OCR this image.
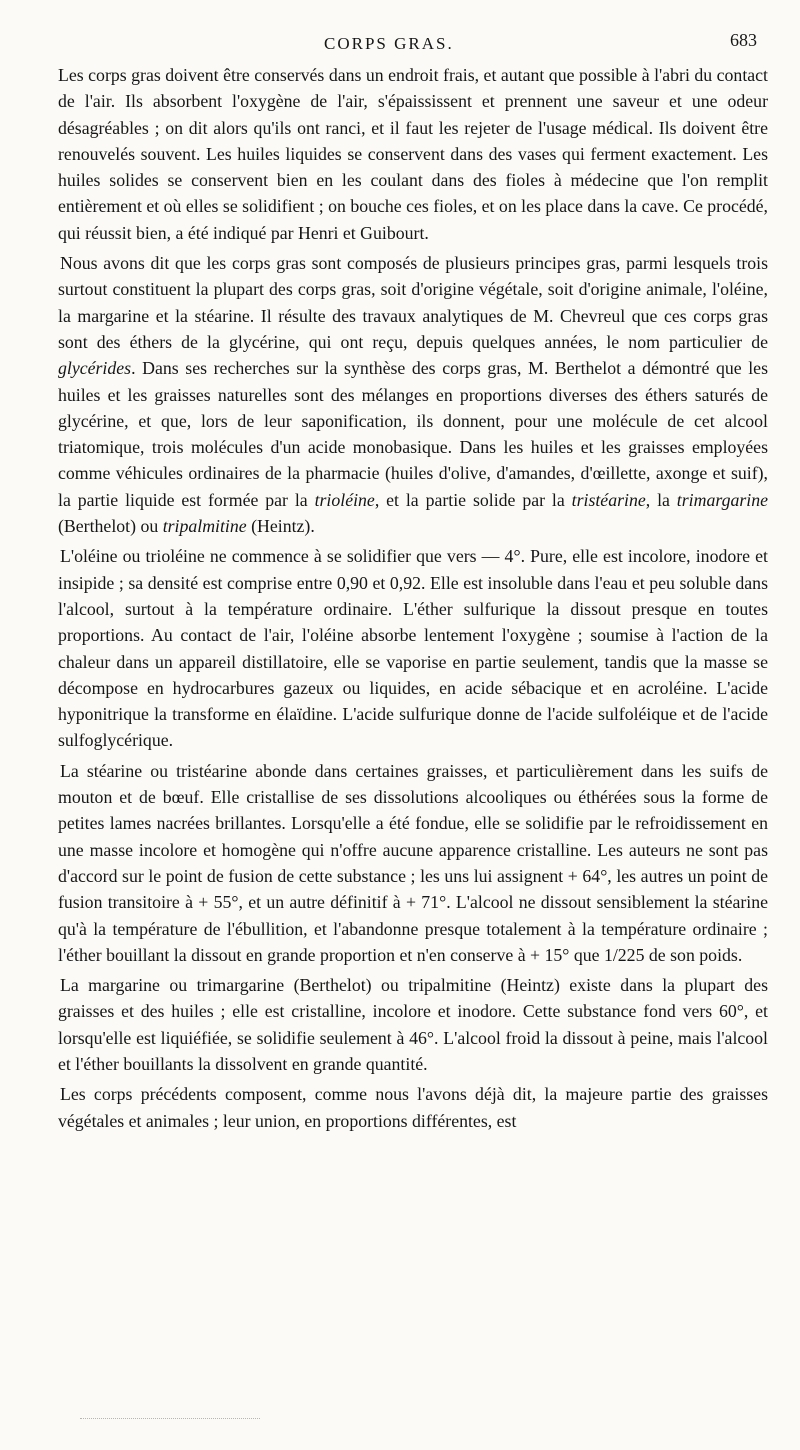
CORPS GRAS.	683

Les corps gras doivent être conservés dans un endroit frais, et autant que possible à l'abri du contact de l'air. Ils absorbent l'oxygène de l'air, s'épaississent et prennent une saveur et une odeur désagréables ; on dit alors qu'ils ont ranci, et il faut les rejeter de l'usage médical. Ils doivent être renouvelés souvent. Les huiles liquides se conservent dans des vases qui ferment exactement. Les huiles solides se conservent bien en les coulant dans des fioles à médecine que l'on remplit entièrement et où elles se solidifient ; on bouche ces fioles, et on les place dans la cave. Ce procédé, qui réussit bien, a été indiqué par Henri et Guibourt.

Nous avons dit que les corps gras sont composés de plusieurs principes gras, parmi lesquels trois surtout constituent la plupart des corps gras, soit d'origine végétale, soit d'origine animale, l'oléine, la margarine et la stéarine. Il résulte des travaux analytiques de M. Chevreul que ces corps gras sont des éthers de la glycérine, qui ont reçu, depuis quelques années, le nom particulier de glycérides. Dans ses recherches sur la synthèse des corps gras, M. Berthelot a démontré que les huiles et les graisses naturelles sont des mélanges en proportions diverses des éthers saturés de glycérine, et que, lors de leur saponification, ils donnent, pour une molécule de cet alcool triatomique, trois molécules d'un acide monobasique. Dans les huiles et les graisses employées comme véhicules ordinaires de la pharmacie (huiles d'olive, d'amandes, d'œillette, axonge et suif), la partie liquide est formée par la trioléine, et la partie solide par la tristéarine, la trimargarine (Berthelot) ou tripalmitine (Heintz).

L'oléine ou trioléine ne commence à se solidifier que vers — 4°. Pure, elle est incolore, inodore et insipide ; sa densité est comprise entre 0,90 et 0,92. Elle est insoluble dans l'eau et peu soluble dans l'alcool, surtout à la température ordinaire. L'éther sulfurique la dissout presque en toutes proportions. Au contact de l'air, l'oléine absorbe lentement l'oxygène ; soumise à l'action de la chaleur dans un appareil distillatoire, elle se vaporise en partie seulement, tandis que la masse se décompose en hydrocarbures gazeux ou liquides, en acide sébacique et en acroléine. L'acide hyponitrique la transforme en élaïdine. L'acide sulfurique donne de l'acide sulfoléique et de l'acide sulfoglycérique.

La stéarine ou tristéarine abonde dans certaines graisses, et particulièrement dans les suifs de mouton et de bœuf. Elle cristallise de ses dissolutions alcooliques ou éthérées sous la forme de petites lames nacrées brillantes. Lorsqu'elle a été fondue, elle se solidifie par le refroidissement en une masse incolore et homogène qui n'offre aucune apparence cristalline. Les auteurs ne sont pas d'accord sur le point de fusion de cette substance ; les uns lui assignent + 64°, les autres un point de fusion transitoire à + 55°, et un autre définitif à + 71°. L'alcool ne dissout sensiblement la stéarine qu'à la température de l'ébullition, et l'abandonne presque totalement à la température ordinaire ; l'éther bouillant la dissout en grande proportion et n'en conserve à + 15° que 1/225 de son poids.

La margarine ou trimargarine (Berthelot) ou tripalmitine (Heintz) existe dans la plupart des graisses et des huiles ; elle est cristalline, incolore et inodore. Cette substance fond vers 60°, et lorsqu'elle est liquiéfiée, se solidifie seulement à 46°. L'alcool froid la dissout à peine, mais l'alcool et l'éther bouillants la dissolvent en grande quantité.

Les corps précédents composent, comme nous l'avons déjà dit, la majeure partie des graisses végétales et animales ; leur union, en proportions différentes, est
